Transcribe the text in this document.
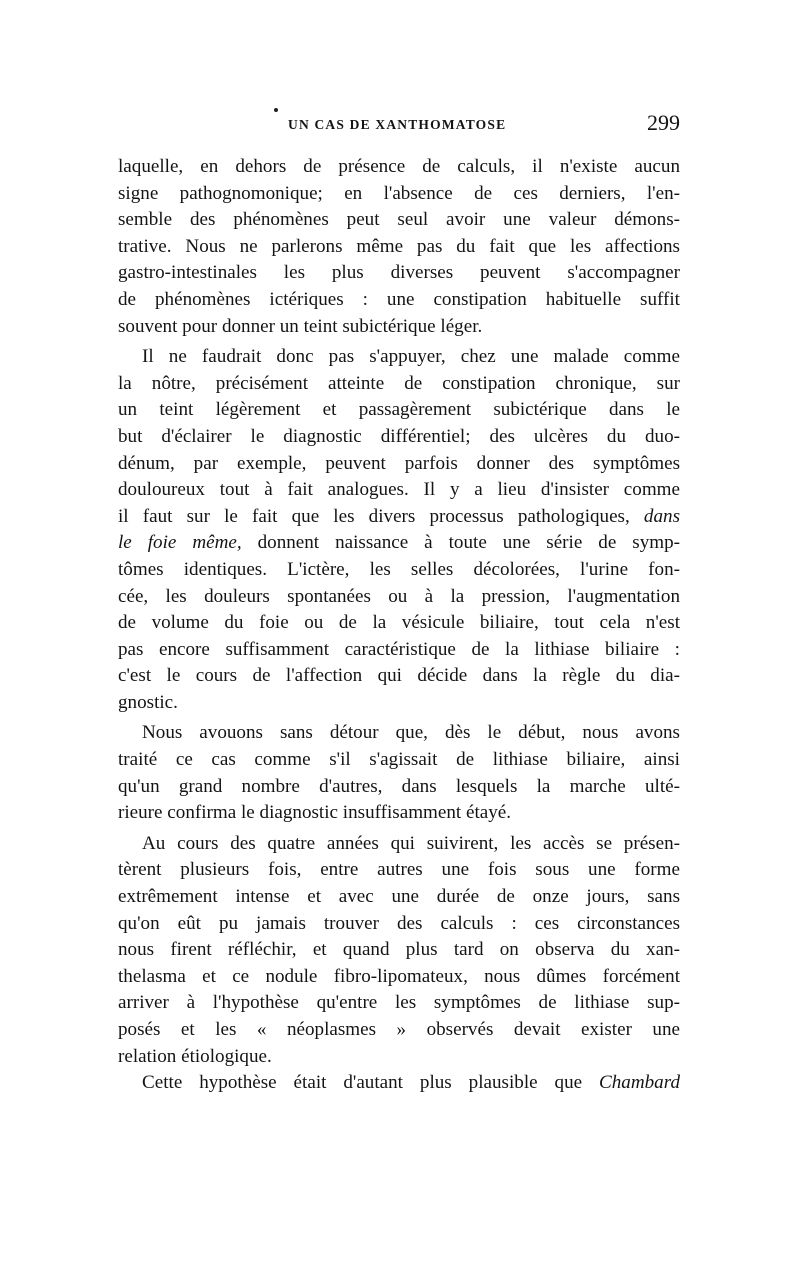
UN CAS DE XANTHOMATOSE	299
laquelle, en dehors de présence de calculs, il n'existe aucun
signe pathognomonique; en l'absence de ces derniers, l'en-
semble des phénomènes peut seul avoir une valeur démons-
trative. Nous ne parlerons même pas du fait que les affections
gastro-intestinales les plus diverses peuvent s'accompagner
de phénomènes ictériques : une constipation habituelle suffit
souvent pour donner un teint subictérique léger.
Il ne faudrait donc pas s'appuyer, chez une malade comme
la nôtre, précisément atteinte de constipation chronique, sur
un teint légèrement et passagèrement subictérique dans le
but d'éclairer le diagnostic différentiel; des ulcères du duo-
dénum, par exemple, peuvent parfois donner des symptômes
douloureux tout à fait analogues. Il y a lieu d'insister comme
il faut sur le fait que les divers processus pathologiques, dans
le foie même, donnent naissance à toute une série de symp-
tômes identiques. L'ictère, les selles décolorées, l'urine fon-
cée, les douleurs spontanées ou à la pression, l'augmentation
de volume du foie ou de la vésicule biliaire, tout cela n'est
pas encore suffisamment caractéristique de la lithiase biliaire :
c'est le cours de l'affection qui décide dans la règle du dia-
gnostic.
Nous avouons sans détour que, dès le début, nous avons
traité ce cas comme s'il s'agissait de lithiase biliaire, ainsi
qu'un grand nombre d'autres, dans lesquels la marche ulté-
rieure confirma le diagnostic insuffisamment étayé.
Au cours des quatre années qui suivirent, les accès se présen-
tèrent plusieurs fois, entre autres une fois sous une forme
extrêmement intense et avec une durée de onze jours, sans
qu'on eût pu jamais trouver des calculs : ces circonstances
nous firent réfléchir, et quand plus tard on observa du xan-
thelasma et ce nodule fibro-lipomateux, nous dûmes forcément
arriver à l'hypothèse qu'entre les symptômes de lithiase sup-
posés et les « néoplasmes » observés devait exister une
relation étiologique.
Cette hypothèse était d'autant plus plausible que Chambard
